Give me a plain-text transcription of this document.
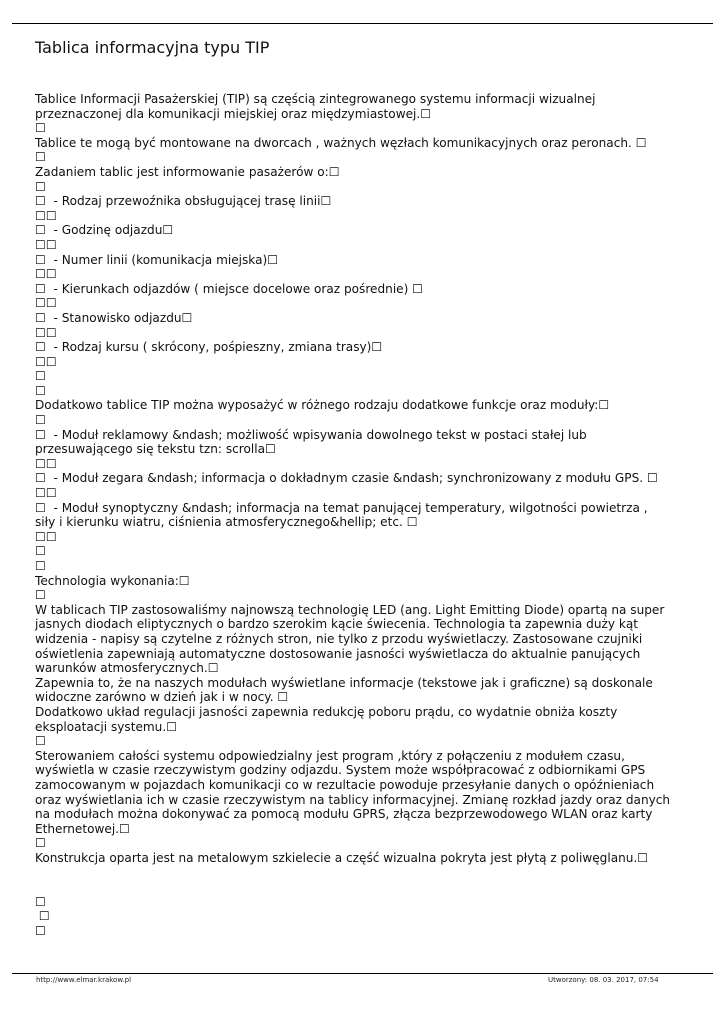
Tablica informacyjna typu TIP
Tablice Informacji Pasażerskiej (TIP) są częścią zintegrowanego systemu informacji wizualnej
przeznaczonej dla komunikacji miejskiej oraz międzymiastowej.☐
☐
Tablice te mogą być montowane na dworcach , ważnych węzłach komunikacyjnych oraz peronach. ☐
☐
Zadaniem tablic jest informowanie pasażerów o:☐
☐
☐  - Rodzaj przewoźnika obsługującej trasę linii☐
☐☐
☐  - Godzinę odjazdu☐
☐☐
☐  - Numer linii (komunikacja miejska)☐
☐☐
☐  - Kierunkach odjazdów ( miejsce docelowe oraz pośrednie) ☐
☐☐
☐  - Stanowisko odjazdu☐
☐☐
☐  - Rodzaj kursu ( skrócony, pośpieszny, zmiana trasy)☐
☐☐
☐
☐
Dodatkowo tablice TIP można wyposażyć w różnego rodzaju dodatkowe funkcje oraz moduły:☐
☐
☐  - Moduł reklamowy &ndash; możliwość wpisywania dowolnego tekst w postaci stałej lub
przesuwającego się tekstu tzn: scrolla☐
☐☐
☐  - Moduł zegara &ndash; informacja o dokładnym czasie &ndash; synchronizowany z modułu GPS. ☐
☐☐
☐  - Moduł synoptyczny &ndash; informacja na temat panującej temperatury, wilgotności powietrza ,
siły i kierunku wiatru, ciśnienia atmosferycznego&hellip; etc. ☐
☐☐
☐
☐
Technologia wykonania:☐
☐
W tablicach TIP zastosowaliśmy najnowszą technologię LED (ang. Light Emitting Diode) opartą na super
jasnych diodach eliptycznych o bardzo szerokim kącie świecenia. Technologia ta zapewnia duży kąt
widzenia - napisy są czytelne z różnych stron, nie tylko z przodu wyświetlaczy. Zastosowane czujniki
oświetlenia zapewniają automatyczne dostosowanie jasności wyświetlacza do aktualnie panujących
warunków atmosferycznych.☐
Zapewnia to, że na naszych modułach wyświetlane informacje (tekstowe jak i graficzne) są doskonale
widoczne zarówno w dzień jak i w nocy. ☐
Dodatkowo układ regulacji jasności zapewnia redukcję poboru prądu, co wydatnie obniża koszty
eksploatacji systemu.☐
☐
Sterowaniem całości systemu odpowiedzialny jest program ,który z połączeniu z modułem czasu,
wyświetla w czasie rzeczywistym godziny odjazdu. System może współpracować z odbiornikami GPS
zamocowanym w pojazdach komunikacji co w rezultacie powoduje przesyłanie danych o opóźnieniach
oraz wyświetlania ich w czasie rzeczywistym na tablicy informacyjnej. Zmianę rozkład jazdy oraz danych
na modułach można dokonywać za pomocą modułu GPRS, złącza bezprzewodowego WLAN oraz karty
Ethernetowej.☐
☐
Konstrukcja oparta jest na metalowym szkielecie a część wizualna pokryta jest płytą z poliwęglanu.☐

☐
☐
☐
http://www.elmar.krakow.pl	Utworzony: 08. 03. 2017, 07:54
